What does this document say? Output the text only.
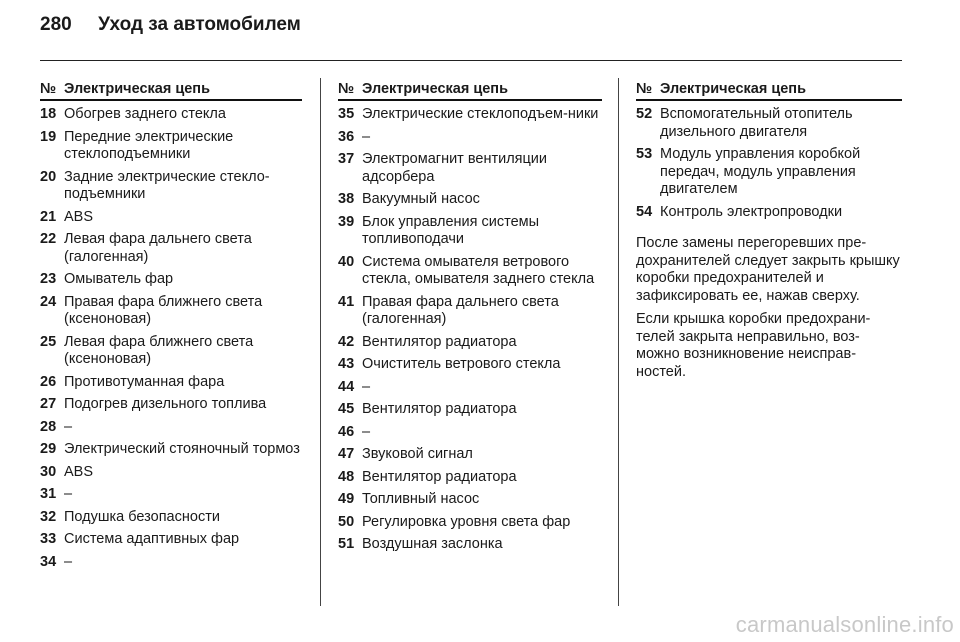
280 Уход за автомобилем
№ Электрическая цепь
18 Обогрев заднего стекла
19 Передние электрические стеклоподъемники
20 Задние электрические стекло-подъемники
21 ABS
22 Левая фара дальнего света (галогенная)
23 Омыватель фар
24 Правая фара ближнего света (ксеноновая)
25 Левая фара ближнего света (ксеноновая)
26 Противотуманная фара
27 Подогрев дизельного топлива
28 –
29 Электрический стояночный тормоз
30 ABS
31 –
32 Подушка безопасности
33 Система адаптивных фар
34 –
№ Электрическая цепь
35 Электрические стеклоподъем-ники
36 –
37 Электромагнит вентиляции адсорбера
38 Вакуумный насос
39 Блок управления системы топливоподачи
40 Система омывателя ветрового стекла, омывателя заднего стекла
41 Правая фара дальнего света (галогенная)
42 Вентилятор радиатора
43 Очиститель ветрового стекла
44 –
45 Вентилятор радиатора
46 –
47 Звуковой сигнал
48 Вентилятор радиатора
49 Топливный насос
50 Регулировка уровня света фар
51 Воздушная заслонка
№ Электрическая цепь
52 Вспомогательный отопитель дизельного двигателя
53 Модуль управления коробкой передач, модуль управления двигателем
54 Контроль электропроводки

После замены перегоревших пре-дохранителей следует закрыть крышку коробки предохранителей и зафиксировать ее, нажав сверху.

Если крышка коробки предохрани-телей закрыта неправильно, воз-можно возникновение неисправ-ностей.

carmanualsonline.info
